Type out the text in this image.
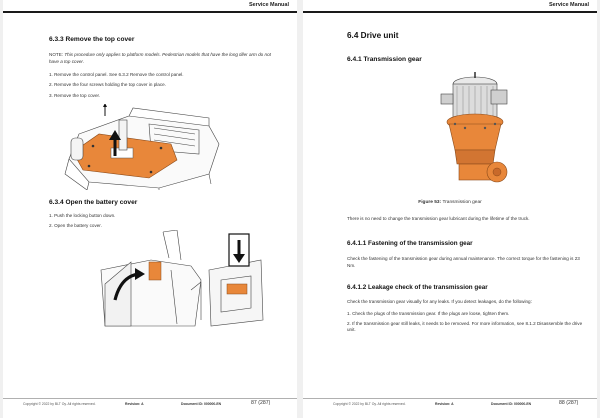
Service Manual
6.3.3 Remove the top cover
NOTE: This procedure only applies to platform models. Pedestrian models that have the long tiller arm do not have a top cover.
1. Remove the control panel. See 6.3.2 Remove the control panel.
2. Remove the four screws holding the top cover in place.
3. Remove the top cover.
6.3.4 Open the battery cover
1. Push the locking button down.
2. Open the battery cover.
Copyright © 2022 by BLT Oy. All rights reserved.	Revision: A	Document ID: 000000-EN	87 (287)
Service Manual
6.4 Drive unit
6.4.1 Transmission gear
Figure 53: Transmission gear
There is no need to change the transmission gear lubricant during the lifetime of the truck.
6.4.1.1 Fastening of the transmission gear
Check the fastening of the transmission gear during annual maintenance. The correct torque for the fastening is 23 Nm.
6.4.1.2 Leakage check of the transmission gear
Check the transmission gear visually for any leaks. If you detect leakages, do the following:
1. Check the plugs of the transmission gear. If the plugs are loose, tighten them.
2. If the transmission gear still leaks, it needs to be removed. For more information, see 8.1.2 Disassemble the drive unit.
Copyright © 2022 by BLT Oy. All rights reserved.	Revision: A	Document ID: 000000-EN	88 (287)
